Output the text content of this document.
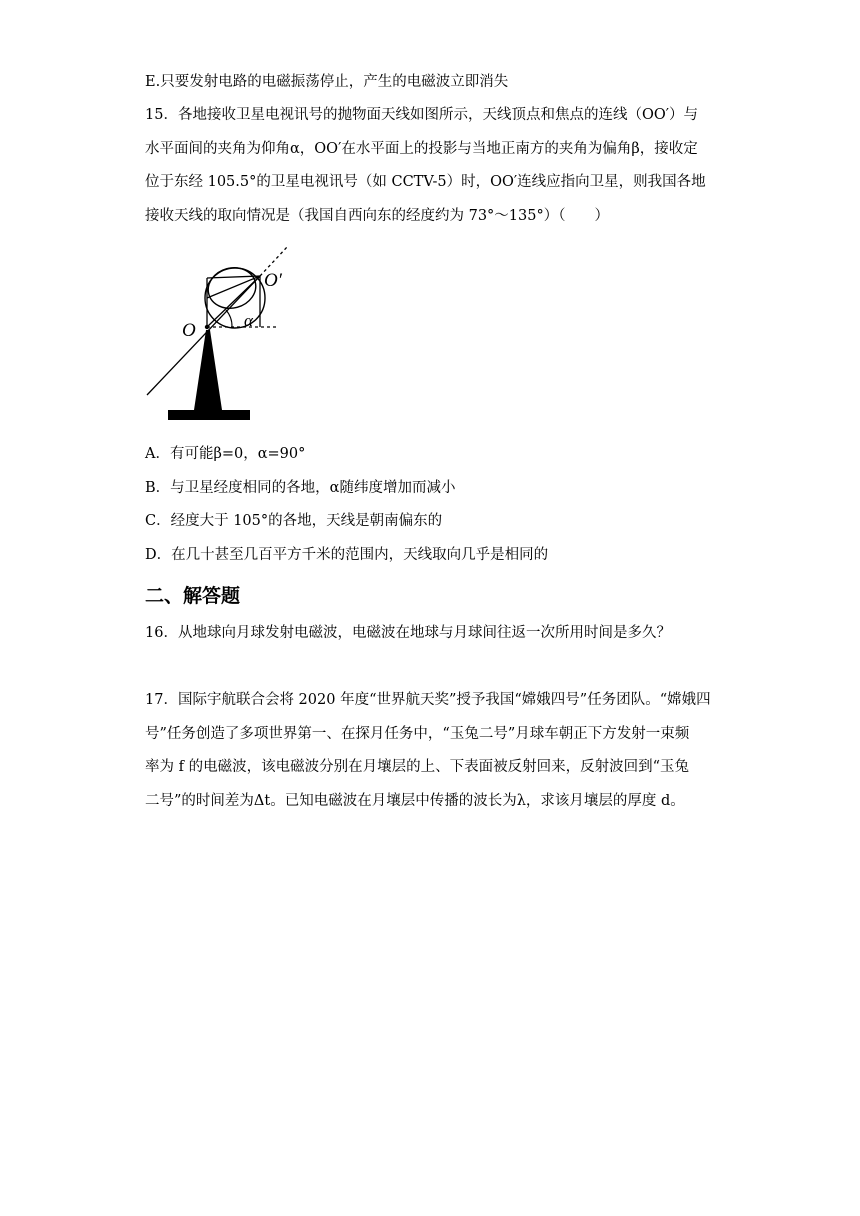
E.只要发射电路的电磁振荡停止，产生的电磁波立即消失
15．各地接收卫星电视讯号的抛物面天线如图所示，天线顶点和焦点的连线（OO′）与
水平面间的夹角为仰角α，OO′在水平面上的投影与当地正南方的夹角为偏角β，接收定
位于东经 105.5°的卫星电视讯号（如 CCTV-5）时，OO′连线应指向卫星，则我国各地
接收天线的取向情况是（我国自西向东的经度约为 73°～135°）（　　）
O
O′
α
A．有可能β=0，α=90°
B．与卫星经度相同的各地，α随纬度增加而减小
C．经度大于 105°的各地，天线是朝南偏东的
D．在几十甚至几百平方千米的范围内，天线取向几乎是相同的
二、解答题
16．从地球向月球发射电磁波，电磁波在地球与月球间往返一次所用时间是多久？
17．国际宇航联合会将 2020 年度“世界航天奖”授予我国“嫦娥四号”任务团队。“嫦娥四
号”任务创造了多项世界第一、在探月任务中，“玉兔二号”月球车朝正下方发射一束频
率为 f 的电磁波，该电磁波分别在月壤层的上、下表面被反射回来，反射波回到“玉兔
二号”的时间差为Δt。已知电磁波在月壤层中传播的波长为λ，求该月壤层的厚度 d。
